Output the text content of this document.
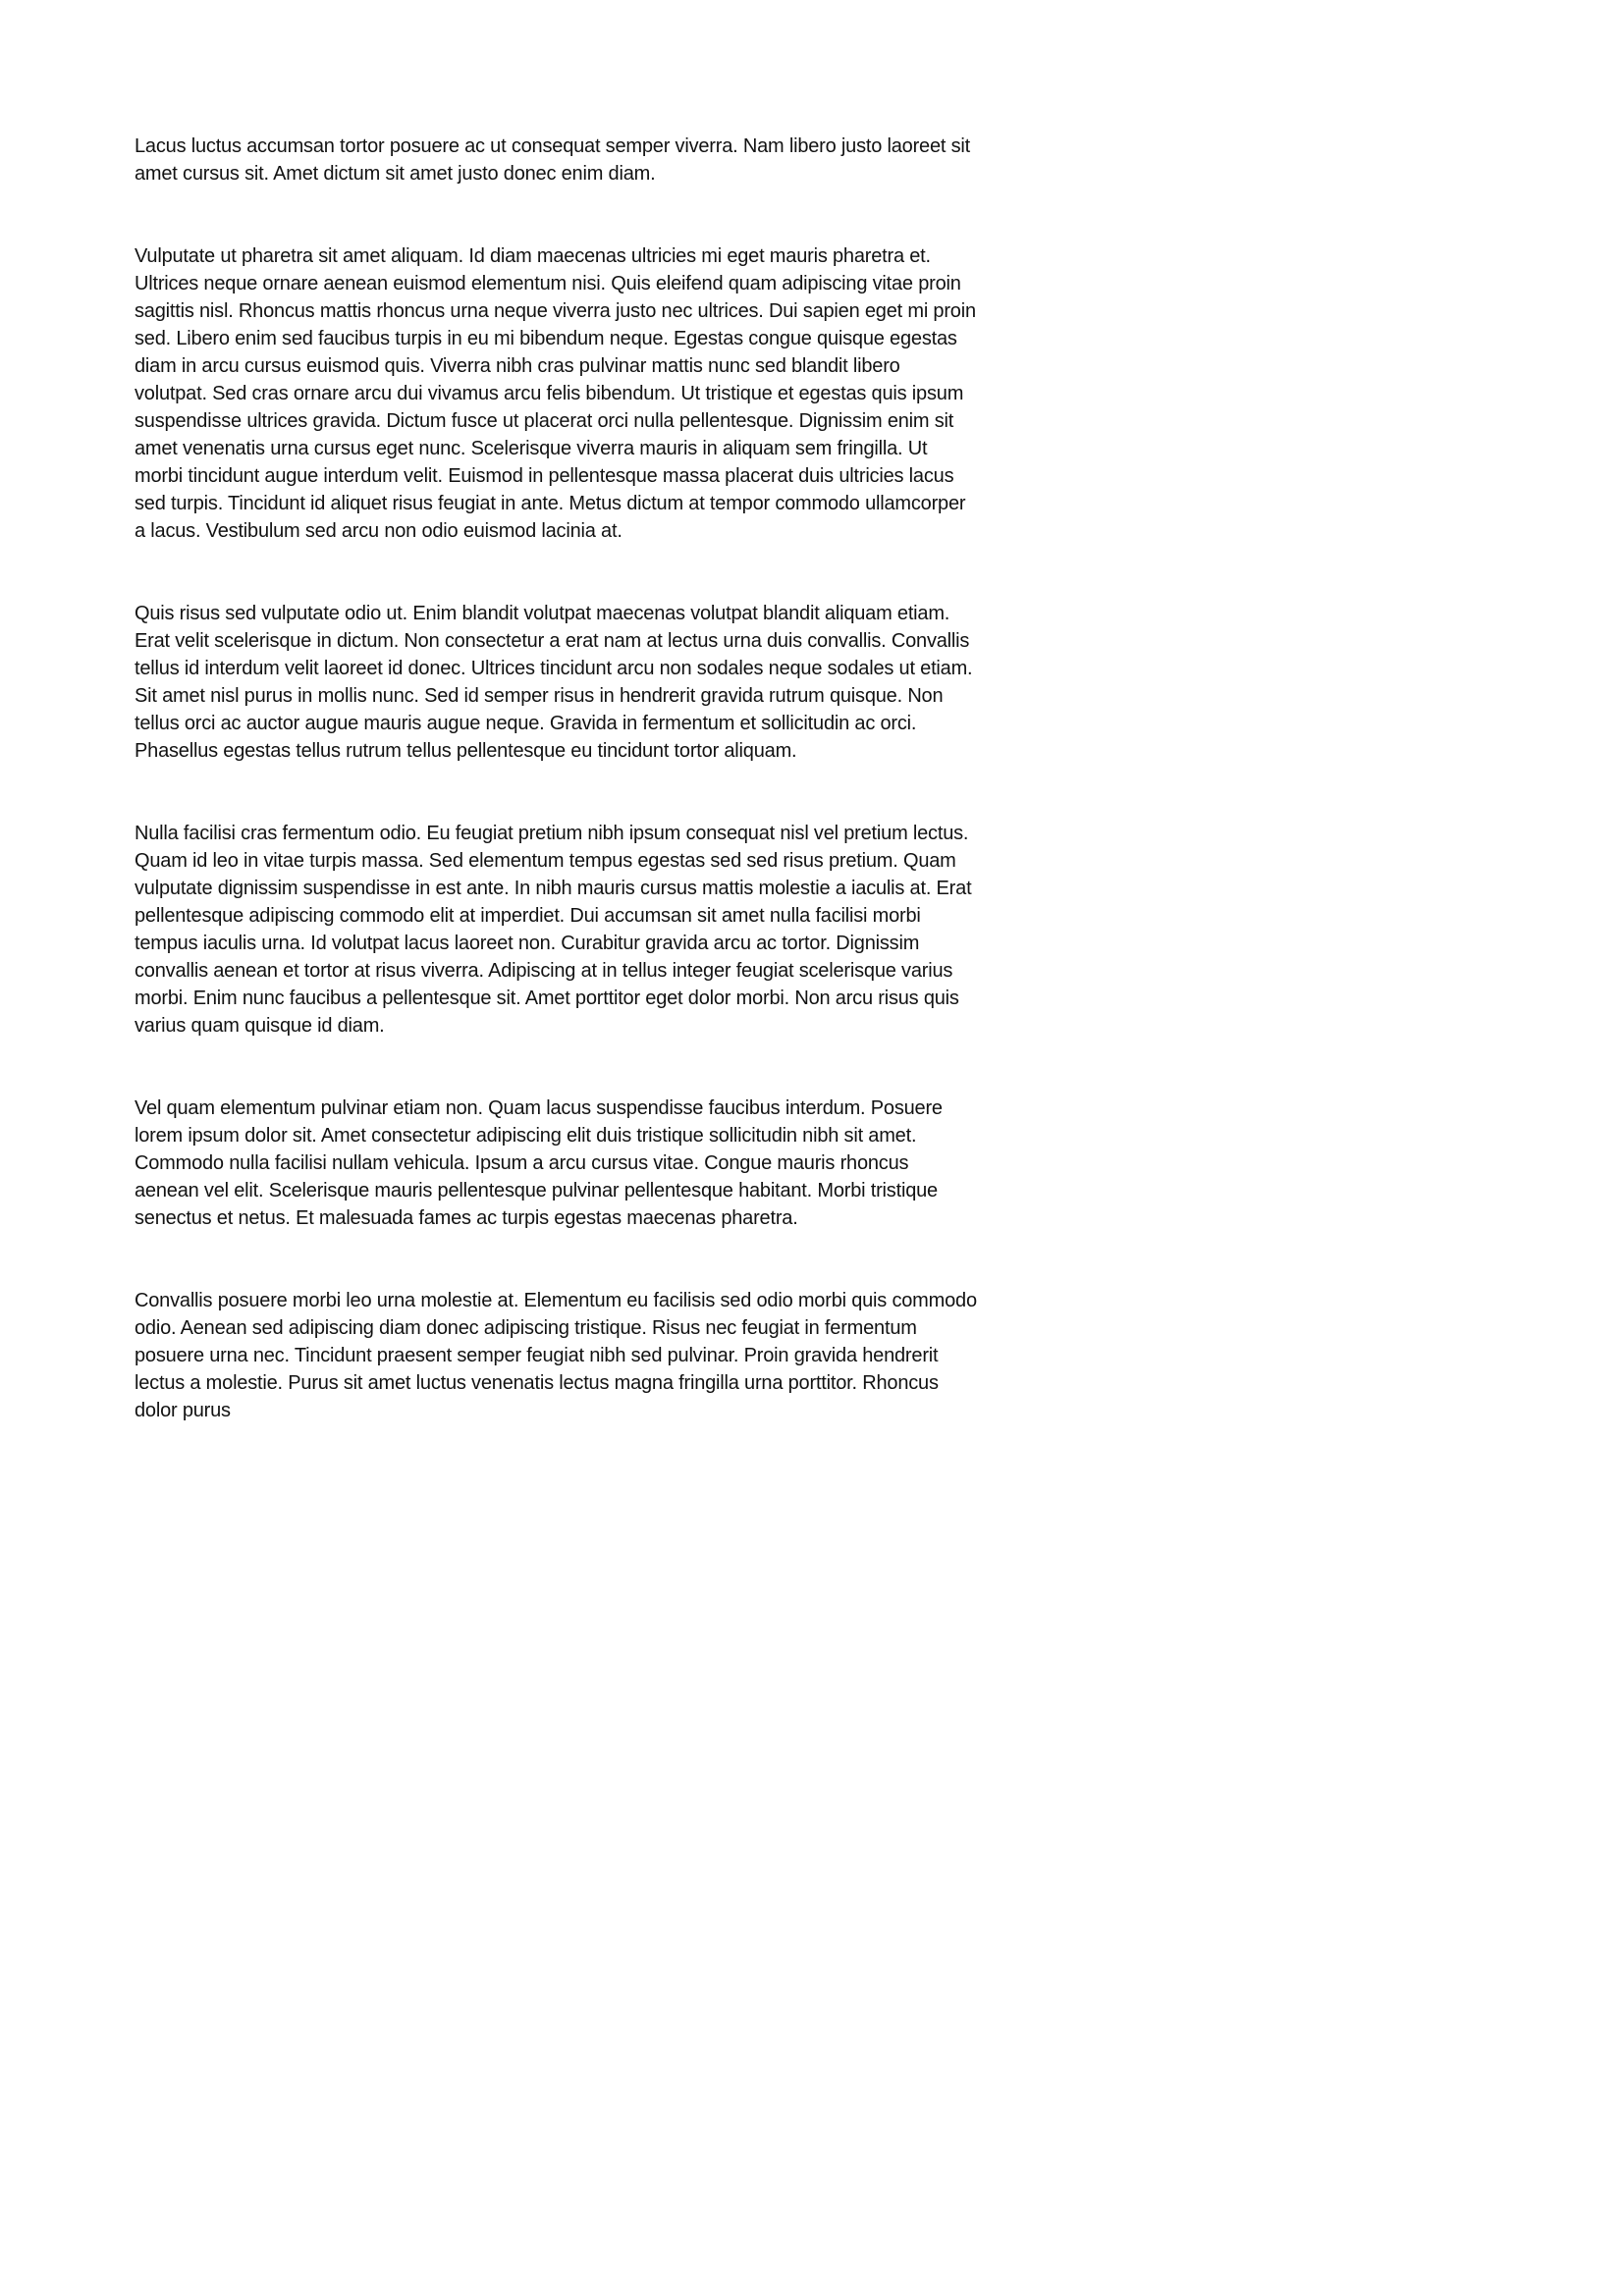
Lacus luctus accumsan tortor posuere ac ut consequat semper viverra. Nam libero justo laoreet sit amet cursus sit. Amet dictum sit amet justo donec enim diam.

Vulputate ut pharetra sit amet aliquam. Id diam maecenas ultricies mi eget mauris pharetra et. Ultrices neque ornare aenean euismod elementum nisi. Quis eleifend quam adipiscing vitae proin sagittis nisl. Rhoncus mattis rhoncus urna neque viverra justo nec ultrices. Dui sapien eget mi proin sed. Libero enim sed faucibus turpis in eu mi bibendum neque. Egestas congue quisque egestas diam in arcu cursus euismod quis. Viverra nibh cras pulvinar mattis nunc sed blandit libero volutpat. Sed cras ornare arcu dui vivamus arcu felis bibendum. Ut tristique et egestas quis ipsum suspendisse ultrices gravida. Dictum fusce ut placerat orci nulla pellentesque. Dignissim enim sit amet venenatis urna cursus eget nunc. Scelerisque viverra mauris in aliquam sem fringilla. Ut morbi tincidunt augue interdum velit. Euismod in pellentesque massa placerat duis ultricies lacus sed turpis. Tincidunt id aliquet risus feugiat in ante. Metus dictum at tempor commodo ullamcorper a lacus. Vestibulum sed arcu non odio euismod lacinia at.

Quis risus sed vulputate odio ut. Enim blandit volutpat maecenas volutpat blandit aliquam etiam. Erat velit scelerisque in dictum. Non consectetur a erat nam at lectus urna duis convallis. Convallis tellus id interdum velit laoreet id donec. Ultrices tincidunt arcu non sodales neque sodales ut etiam. Sit amet nisl purus in mollis nunc. Sed id semper risus in hendrerit gravida rutrum quisque. Non tellus orci ac auctor augue mauris augue neque. Gravida in fermentum et sollicitudin ac orci. Phasellus egestas tellus rutrum tellus pellentesque eu tincidunt tortor aliquam.

Nulla facilisi cras fermentum odio. Eu feugiat pretium nibh ipsum consequat nisl vel pretium lectus. Quam id leo in vitae turpis massa. Sed elementum tempus egestas sed sed risus pretium. Quam vulputate dignissim suspendisse in est ante. In nibh mauris cursus mattis molestie a iaculis at. Erat pellentesque adipiscing commodo elit at imperdiet. Dui accumsan sit amet nulla facilisi morbi tempus iaculis urna. Id volutpat lacus laoreet non. Curabitur gravida arcu ac tortor. Dignissim convallis aenean et tortor at risus viverra. Adipiscing at in tellus integer feugiat scelerisque varius morbi. Enim nunc faucibus a pellentesque sit. Amet porttitor eget dolor morbi. Non arcu risus quis varius quam quisque id diam.

Vel quam elementum pulvinar etiam non. Quam lacus suspendisse faucibus interdum. Posuere lorem ipsum dolor sit. Amet consectetur adipiscing elit duis tristique sollicitudin nibh sit amet. Commodo nulla facilisi nullam vehicula. Ipsum a arcu cursus vitae. Congue mauris rhoncus aenean vel elit. Scelerisque mauris pellentesque pulvinar pellentesque habitant. Morbi tristique senectus et netus. Et malesuada fames ac turpis egestas maecenas pharetra.

Convallis posuere morbi leo urna molestie at. Elementum eu facilisis sed odio morbi quis commodo odio. Aenean sed adipiscing diam donec adipiscing tristique. Risus nec feugiat in fermentum posuere urna nec. Tincidunt praesent semper feugiat nibh sed pulvinar. Proin gravida hendrerit lectus a molestie. Purus sit amet luctus venenatis lectus magna fringilla urna porttitor. Rhoncus dolor purus
